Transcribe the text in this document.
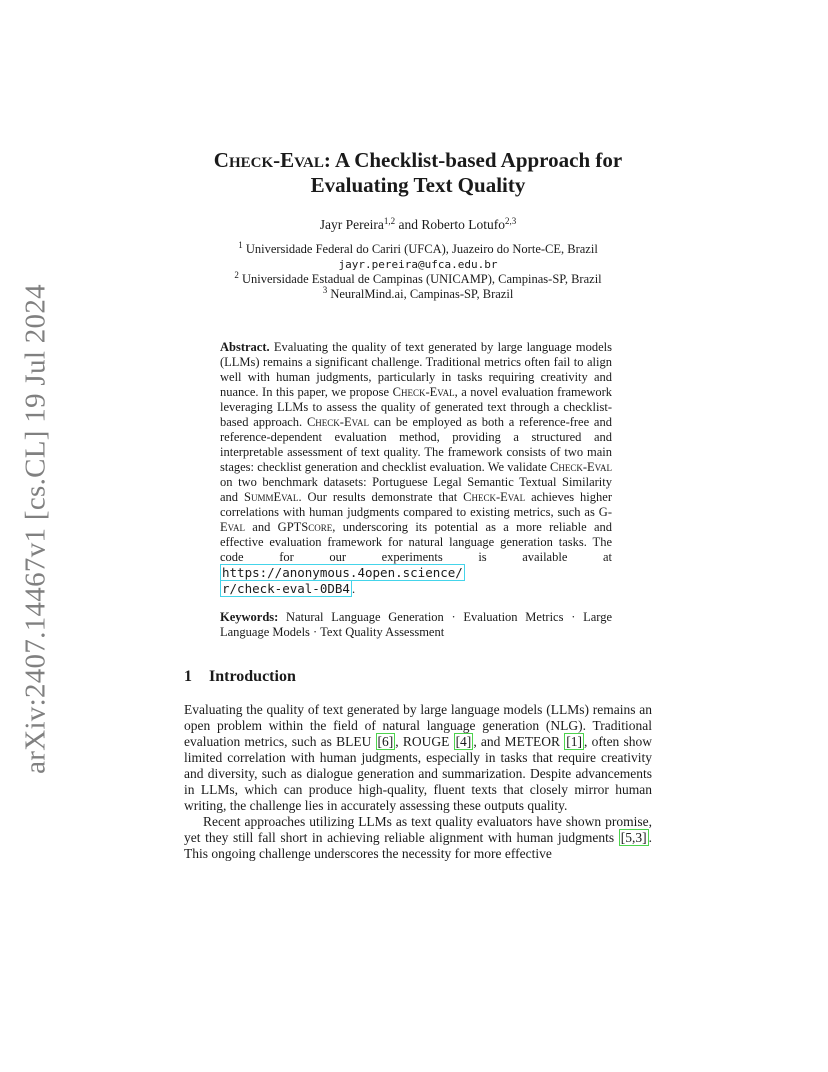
arXiv:2407.14467v1 [cs.CL] 19 Jul 2024
Check-Eval: A Checklist-based Approach for
Evaluating Text Quality
Jayr Pereira$^{1,2}$ and Roberto Lotufo$^{2,3}$
$^1$ Universidade Federal do Cariri (UFCA), Juazeiro do Norte-CE, Brazil
jayr.pereira@ufca.edu.br
$^2$ Universidade Estadual de Campinas (UNICAMP), Campinas-SP, Brazil
$^3$ NeuralMind.ai, Campinas-SP, Brazil
Abstract. Evaluating the quality of text generated by large language models (LLMs) remains a significant challenge. Traditional metrics often fail to align well with human judgments, particularly in tasks requiring creativity and nuance. In this paper, we propose Check-Eval, a novel evaluation framework leveraging LLMs to assess the quality of generated text through a checklist-based approach. Check-Eval can be employed as both a reference-free and reference-dependent evaluation method, providing a structured and interpretable assessment of text quality. The framework consists of two main stages: checklist generation and checklist evaluation. We validate Check-Eval on two benchmark datasets: Portuguese Legal Semantic Textual Similarity and SummEval. Our results demonstrate that Check-Eval achieves higher correlations with human judgments compared to existing metrics, such as G-Eval and GPTScore, underscoring its potential as a more reliable and effective evaluation framework for natural language generation tasks. The code for our experiments is available at https://anonymous.4open.science/
r/check-eval-0DB4 .
Keywords: Natural Language Generation · Evaluation Metrics · Large Language Models · Text Quality Assessment
1 Introduction

Evaluating the quality of text generated by large language models (LLMs) remains an open problem within the field of natural language generation (NLG). Traditional evaluation metrics, such as BLEU [6] , ROUGE [4] , and METEOR [1] , often show limited correlation with human judgments, especially in tasks that require creativity and diversity, such as dialogue generation and summarization. Despite advancements in LLMs, which can produce high-quality, fluent texts that closely mirror human writing, the challenge lies in accurately assessing these outputs quality.

Recent approaches utilizing LLMs as text quality evaluators have shown promise, yet they still fall short in achieving reliable alignment with human judgments [5,3] . This ongoing challenge underscores the necessity for more effective
